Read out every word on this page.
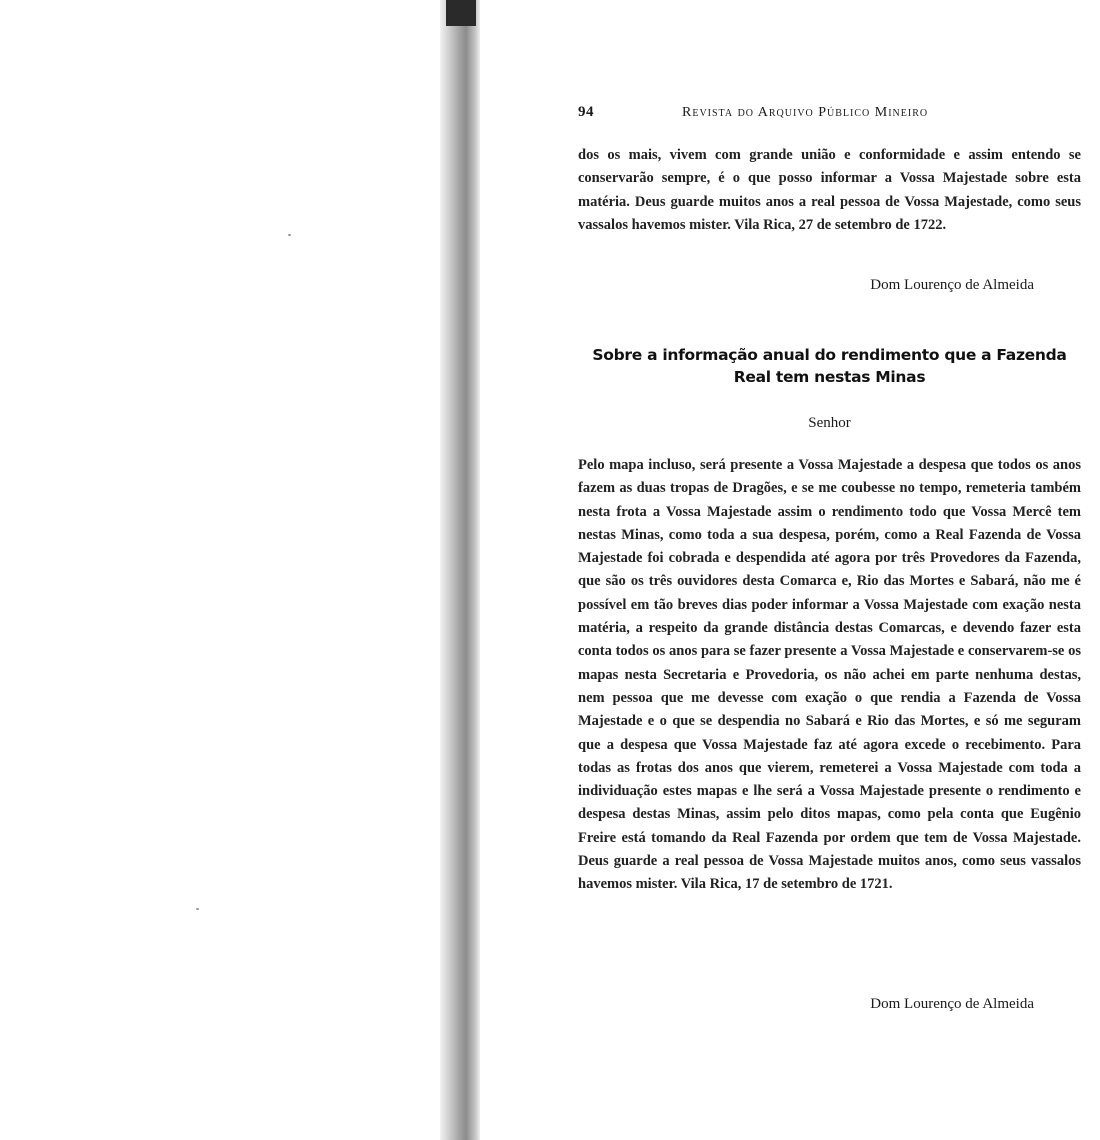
94	Revista do Arquivo Público Mineiro
dos os mais, vivem com grande união e conformidade e assim entendo se conservarão sempre, é o que posso informar a Vossa Majestade sobre esta matéria. Deus guarde muitos anos a real pessoa de Vossa Majestade, como seus vassalos havemos mister. Vila Rica, 27 de setembro de 1722.
Dom Lourenço de Almeida
Sobre a informação anual do rendimento que a Fazenda Real tem nestas Minas
Senhor
Pelo mapa incluso, será presente a Vossa Majestade a despesa que todos os anos fazem as duas tropas de Dragões, e se me coubesse no tempo, remeteria também nesta frota a Vossa Majestade assim o rendimento todo que Vossa Mercê tem nestas Minas, como toda a sua despesa, porém, como a Real Fazenda de Vossa Majestade foi cobrada e despendida até agora por três Provedores da Fazenda, que são os três ouvidores desta Comarca e, Rio das Mortes e Sabará, não me é possível em tão breves dias poder informar a Vossa Majestade com exação nesta matéria, a respeito da grande distância destas Comarcas, e devendo fazer esta conta todos os anos para se fazer presente a Vossa Majestade e conservarem-se os mapas nesta Secretaria e Provedoria, os não achei em parte nenhuma destas, nem pessoa que me devesse com exação o que rendia a Fazenda de Vossa Majestade e o que se despendia no Sabará e Rio das Mortes, e só me seguram que a despesa que Vossa Majestade faz até agora excede o recebimento. Para todas as frotas dos anos que vierem, remeterei a Vossa Majestade com toda a individuação estes mapas e lhe será a Vossa Majestade presente o rendimento e despesa destas Minas, assim pelo ditos mapas, como pela conta que Eugênio Freire está tomando da Real Fazenda por ordem que tem de Vossa Majestade. Deus guarde a real pessoa de Vossa Majestade muitos anos, como seus vassalos havemos mister. Vila Rica, 17 de setembro de 1721.
Dom Lourenço de Almeida
